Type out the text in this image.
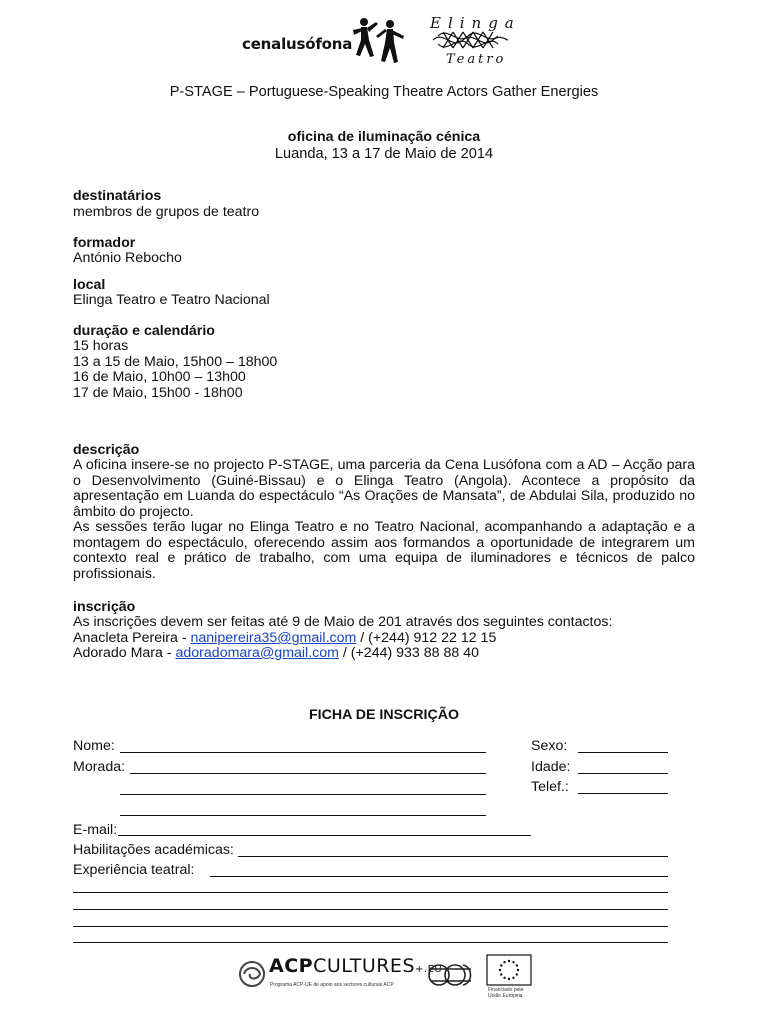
cenalusófona
Elinga
Teatro
P-STAGE – Portuguese-Speaking Theatre Actors Gather Energies
oficina de iluminação cénica
Luanda, 13 a 17 de Maio de 2014
destinatários
membros de grupos de teatro
formador
António Rebocho
local
Elinga Teatro e Teatro Nacional
duração e calendário
15 horas
13 a 15 de Maio, 15h00 – 18h00
16 de Maio, 10h00 – 13h00
17 de Maio, 15h00 - 18h00
descrição
A oficina insere-se no projecto P-STAGE, uma parceria da Cena Lusófona com a AD – Acção para o Desenvolvimento (Guiné-Bissau) e o Elinga Teatro (Angola). Acontece a propósito da apresentação em Luanda do espectáculo “As Orações de Mansata”, de Abdulai Sila, produzido no âmbito do projecto.
As sessões terão lugar no Elinga Teatro e no Teatro Nacional, acompanhando a adaptação e a montagem do espectáculo, oferecendo assim aos formandos a oportunidade de integrarem um contexto real e prático de trabalho, com uma equipa de iluminadores e técnicos de palco profissionais.
inscrição
As inscrições devem ser feitas até 9 de Maio de 201 através dos seguintes contactos:
Anacleta Pereira - nanipereira35@gmail.com / (+244) 912 22 12 15
Adorado Mara - adoradomara@gmail.com / (+244) 933 88 88 40
FICHA DE INSCRIÇÃO
Nome:
Morada:
Sexo:
Idade:
Telef.:
E-mail:
Habilitações académicas:
Experiência teatral:
ACPCULTURES+.EU
Programa ACP-UE de apoio aos sectores culturais ACP
Financiado pela
União Europeia
